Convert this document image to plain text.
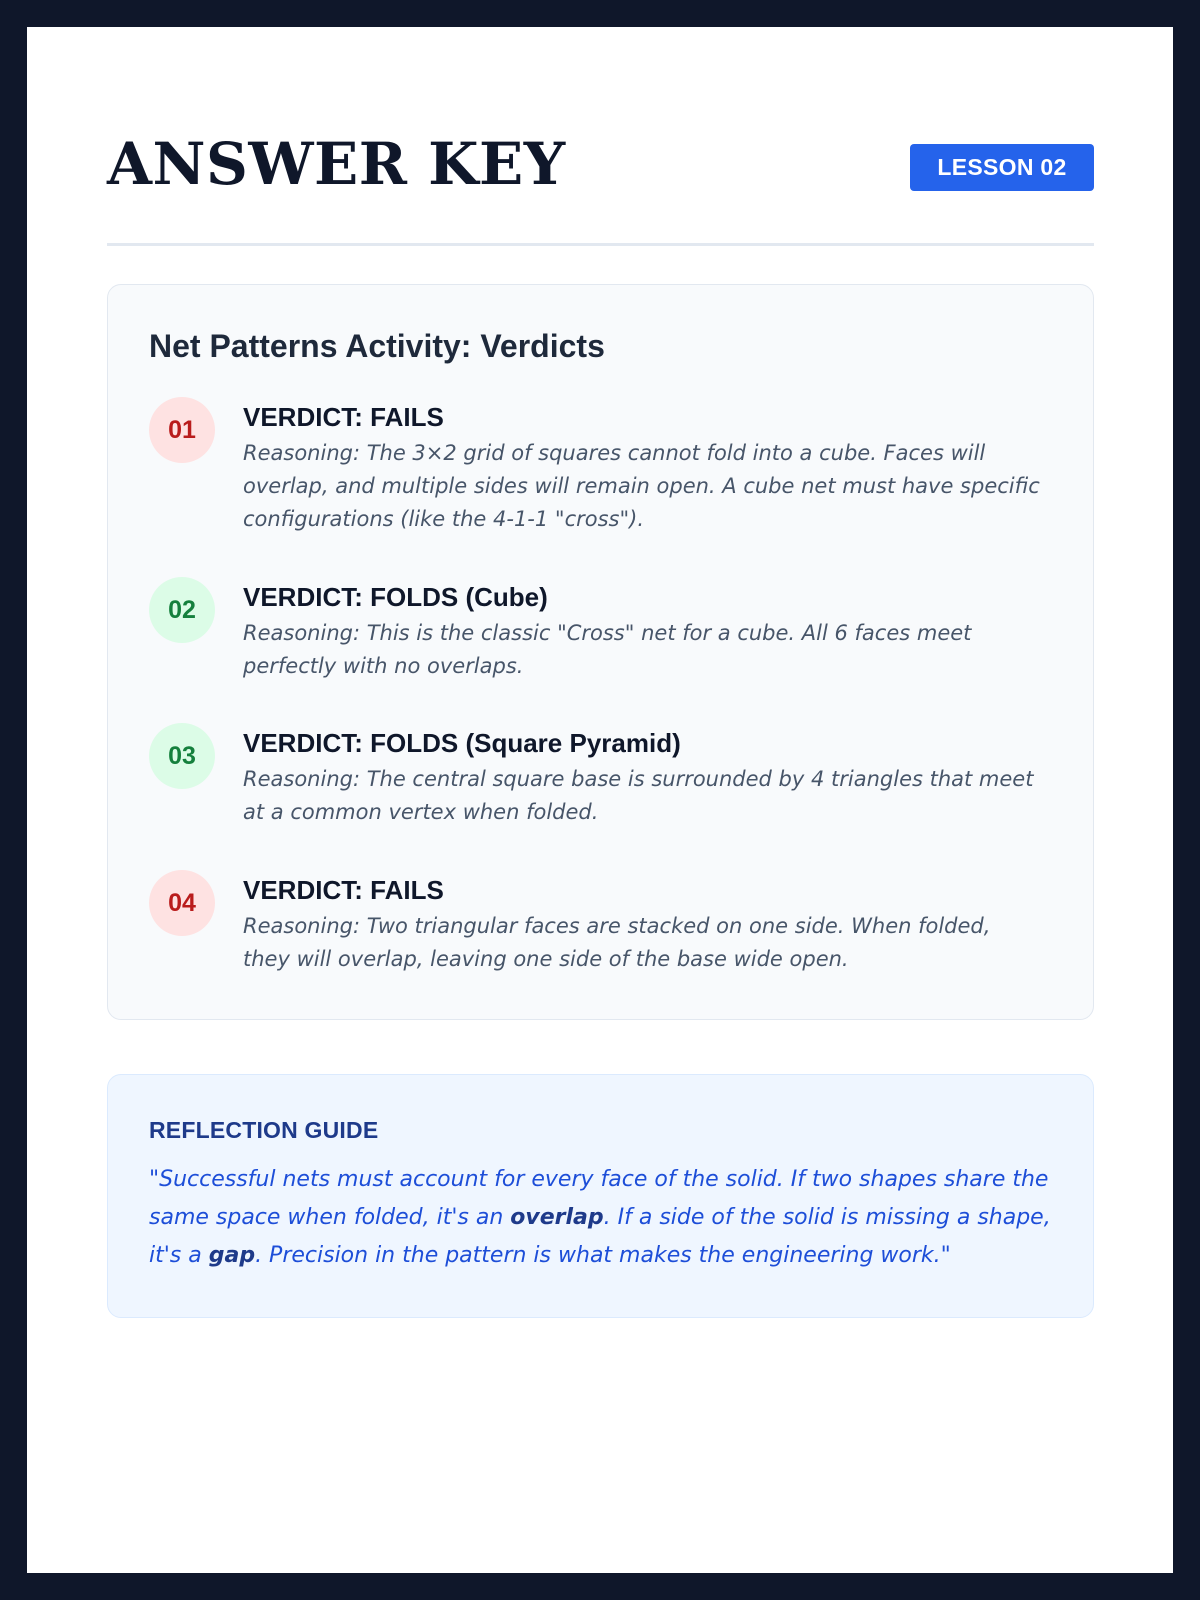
ANSWER KEY	LESSON 02
Net Patterns Activity: Verdicts
01	VERDICT: FAILS
Reasoning: The 3×2 grid of squares cannot fold into a cube. Faces will overlap, and multiple sides will remain open. A cube net must have specific configurations (like the 4-1-1 "cross").
02	VERDICT: FOLDS (Cube)
Reasoning: This is the classic "Cross" net for a cube. All 6 faces meet perfectly with no overlaps.
03	VERDICT: FOLDS (Square Pyramid)
Reasoning: The central square base is surrounded by 4 triangles that meet at a common vertex when folded.
04	VERDICT: FAILS
Reasoning: Two triangular faces are stacked on one side. When folded, they will overlap, leaving one side of the base wide open.
REFLECTION GUIDE

"Successful nets must account for every face of the solid. If two shapes share the same space when folded, it's an overlap. If a side of the solid is missing a shape, it's a gap. Precision in the pattern is what makes the engineering work."
